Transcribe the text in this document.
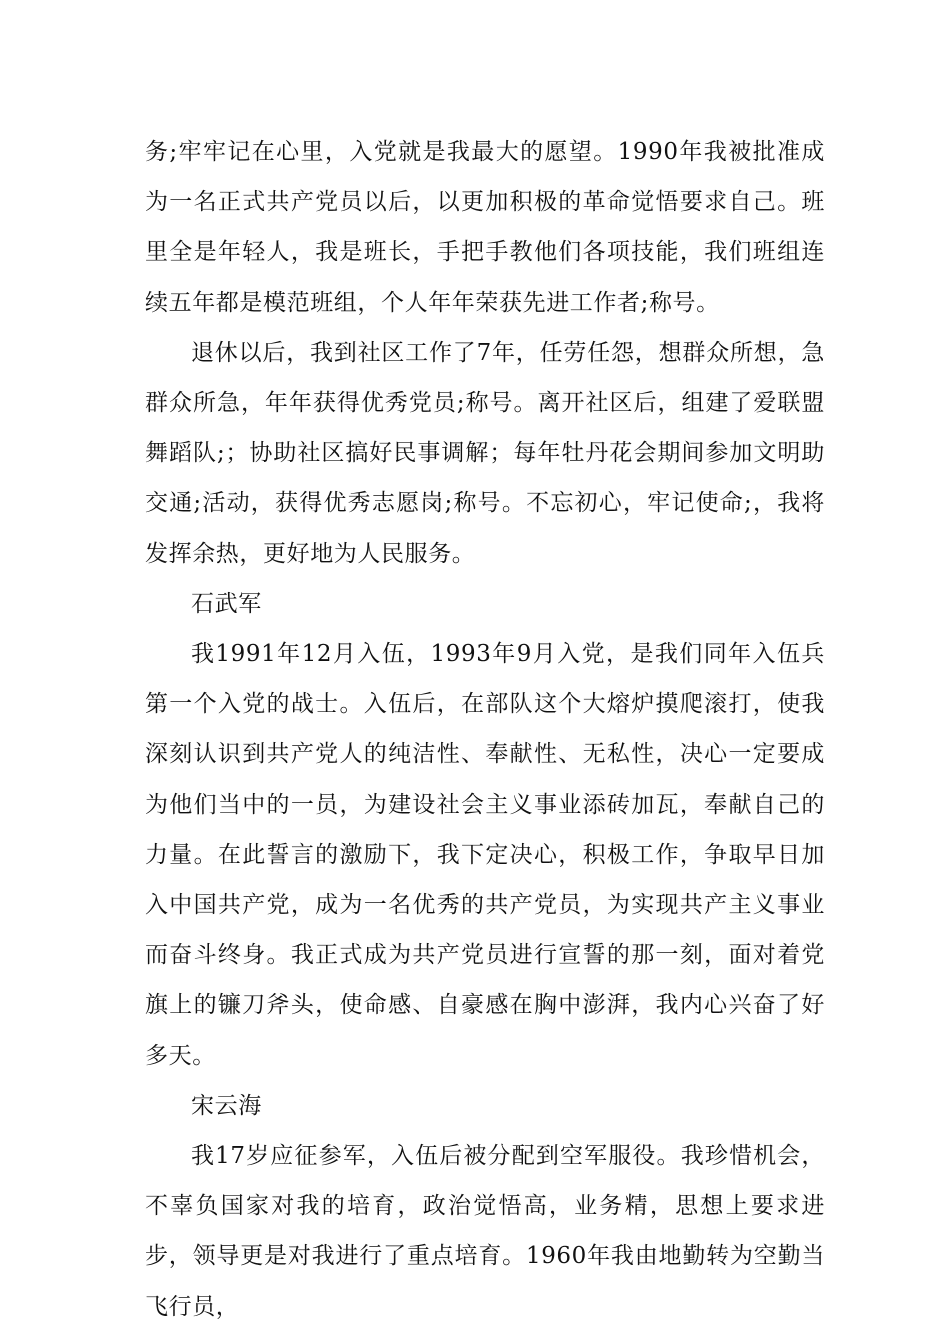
务;牢牢记在心里，入党就是我最大的愿望。1990年我被批准成为一名正式共产党员以后，以更加积极的革命觉悟要求自己。班里全是年轻人，我是班长，手把手教他们各项技能，我们班组连续五年都是模范班组，个人年年荣获先进工作者;称号。

退休以后，我到社区工作了7年，任劳任怨，想群众所想，急群众所急，年年获得优秀党员;称号。离开社区后，组建了爱联盟舞蹈队;；协助社区搞好民事调解；每年牡丹花会期间参加文明助交通;活动，获得优秀志愿岗;称号。不忘初心，牢记使命;，我将发挥余热，更好地为人民服务。

石武军

我1991年12月入伍，1993年9月入党，是我们同年入伍兵第一个入党的战士。入伍后，在部队这个大熔炉摸爬滚打，使我深刻认识到共产党人的纯洁性、奉献性、无私性，决心一定要成为他们当中的一员，为建设社会主义事业添砖加瓦，奉献自己的力量。在此誓言的激励下，我下定决心，积极工作，争取早日加入中国共产党，成为一名优秀的共产党员，为实现共产主义事业而奋斗终身。我正式成为共产党员进行宣誓的那一刻，面对着党旗上的镰刀斧头，使命感、自豪感在胸中澎湃，我内心兴奋了好多天。

宋云海

我17岁应征参军，入伍后被分配到空军服役。我珍惜机会，不辜负国家对我的培育，政治觉悟高，业务精，思想上要求进步，领导更是对我进行了重点培育。1960年我由地勤转为空勤当飞行员，
